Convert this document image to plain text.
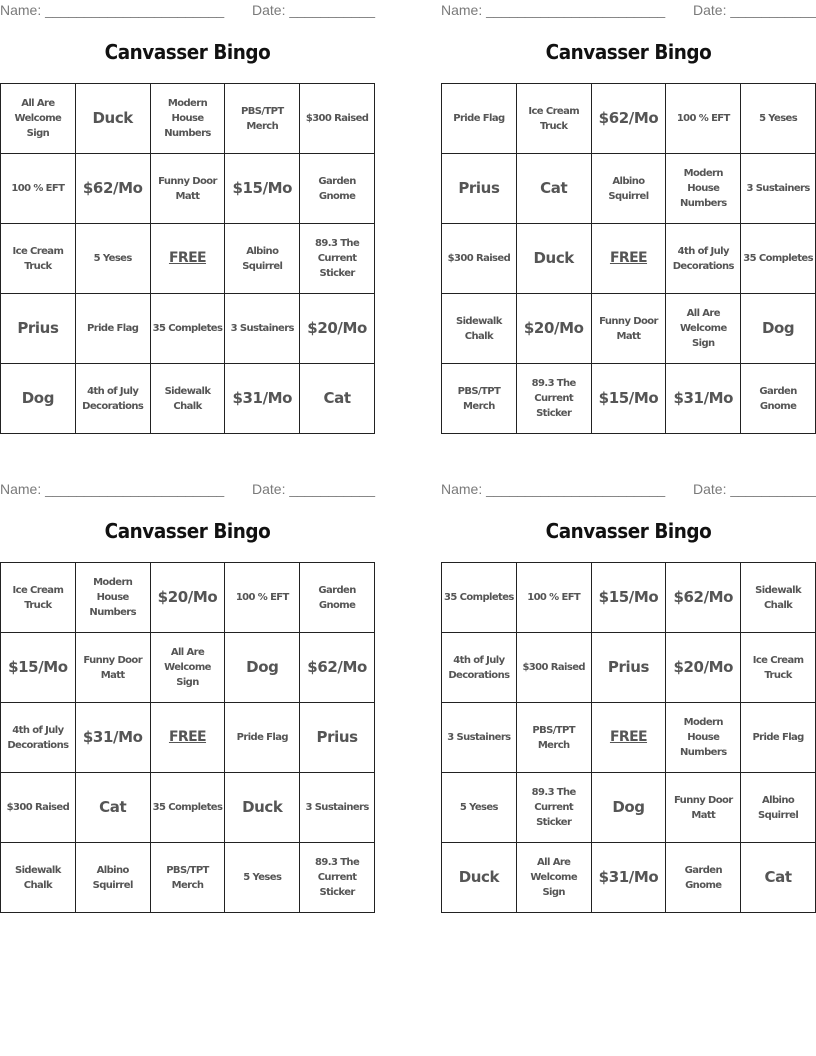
Name: _______________________ Date: ___________
Canvasser Bingo
All Are Welcome Sign	Duck	Modern House Numbers	PBS/TPT Merch	$300 Raised
100 % EFT	$62/Mo	Funny Door Matt	$15/Mo	Garden Gnome
Ice Cream Truck	5 Yeses	FREE	Albino Squirrel	89.3 The Current Sticker
Prius	Pride Flag	35 Completes	3 Sustainers	$20/Mo
Dog	4th of July Decorations	Sidewalk Chalk	$31/Mo	Cat
Name: _______________________ Date: ___________
Canvasser Bingo
Pride Flag	Ice Cream Truck	$62/Mo	100 % EFT	5 Yeses
Prius	Cat	Albino Squirrel	Modern House Numbers	3 Sustainers
$300 Raised	Duck	FREE	4th of July Decorations	35 Completes
Sidewalk Chalk	$20/Mo	Funny Door Matt	All Are Welcome Sign	Dog
PBS/TPT Merch	89.3 The Current Sticker	$15/Mo	$31/Mo	Garden Gnome
Name: _______________________ Date: ___________
Canvasser Bingo
Ice Cream Truck	Modern House Numbers	$20/Mo	100 % EFT	Garden Gnome
$15/Mo	Funny Door Matt	All Are Welcome Sign	Dog	$62/Mo
4th of July Decorations	$31/Mo	FREE	Pride Flag	Prius
$300 Raised	Cat	35 Completes	Duck	3 Sustainers
Sidewalk Chalk	Albino Squirrel	PBS/TPT Merch	5 Yeses	89.3 The Current Sticker
Name: _______________________ Date: ___________
Canvasser Bingo
35 Completes	100 % EFT	$15/Mo	$62/Mo	Sidewalk Chalk
4th of July Decorations	$300 Raised	Prius	$20/Mo	Ice Cream Truck
3 Sustainers	PBS/TPT Merch	FREE	Modern House Numbers	Pride Flag
5 Yeses	89.3 The Current Sticker	Dog	Funny Door Matt	Albino Squirrel
Duck	All Are Welcome Sign	$31/Mo	Garden Gnome	Cat
